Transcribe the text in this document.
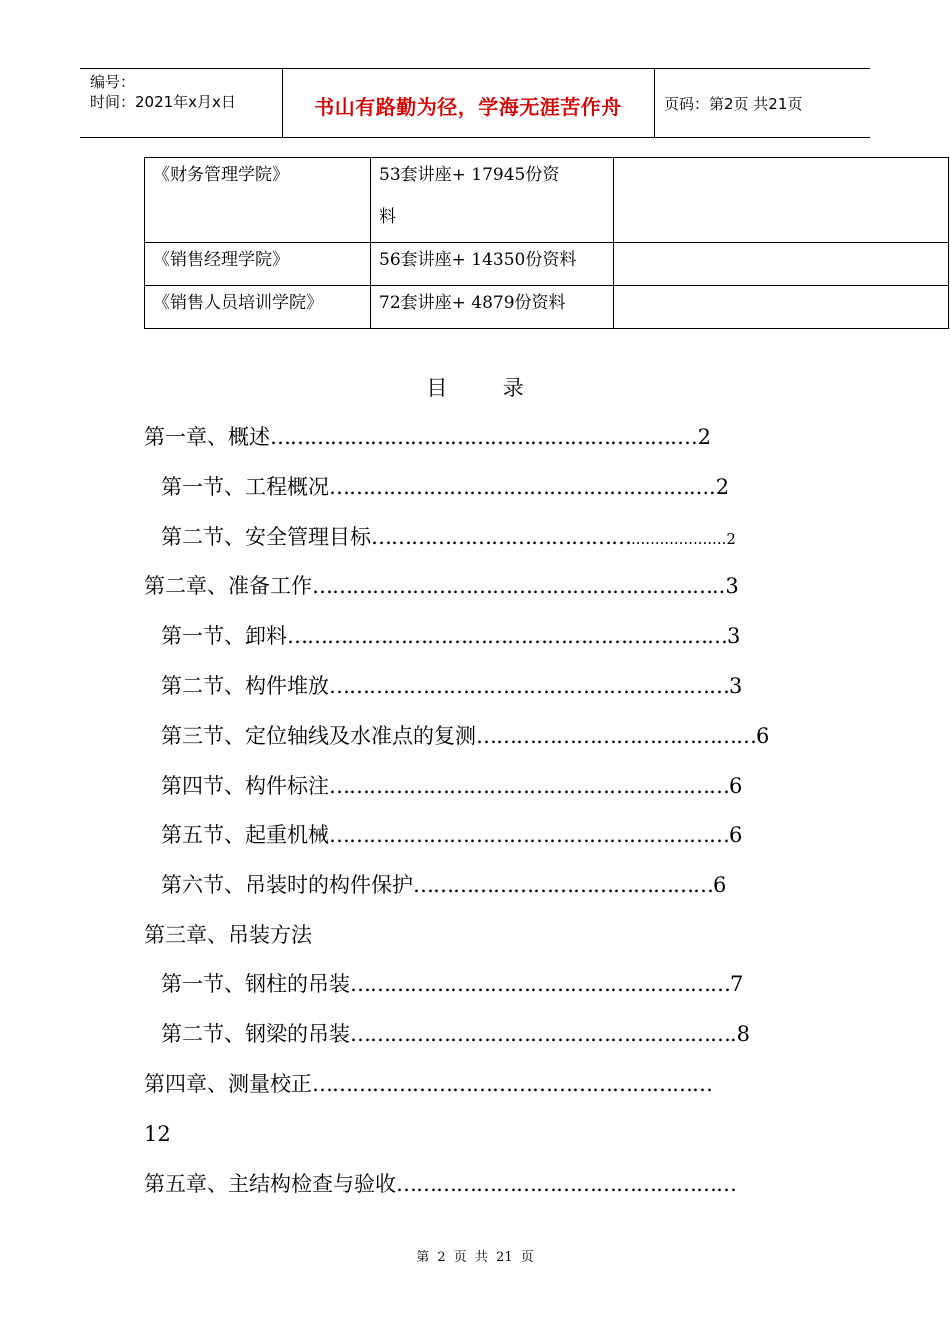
编号：
时间：2021年x月x日	书山有路勤为径，学海无涯苦作舟	页码：第2页 共21页
《财务管理学院》	53套讲座+ 17945份资
料	

《销售经理学院》	56套讲座+ 14350份资料	

《销售人员培训学院》	72套讲座+ 4879份资料	

目	录
第一章、概述……………………………………………………….2
第一节、工程概况………………………………………………....2
第二节、安全管理目标…………………………………....................2
第二章、准备工作……………………………………………………..3
第一节、卸料…………………………………………………………3
第二节、构件堆放……………………………………………………3
第三节、定位轴线及水准点的复测……………………………………6
第四节、构件标注……………………………………………………6
第五节、起重机械……………………………………………………6
第六节、吊装时的构件保护………………………………………6
第三章、吊装方法
第一节、钢柱的吊装…………………………………………………7
第二节、钢梁的吊装………………………………………………….8
第四章、测量校正……………………………………………………
12
第五章、主结构检查与验收……………………………………………
第 2 页 共 21 页
